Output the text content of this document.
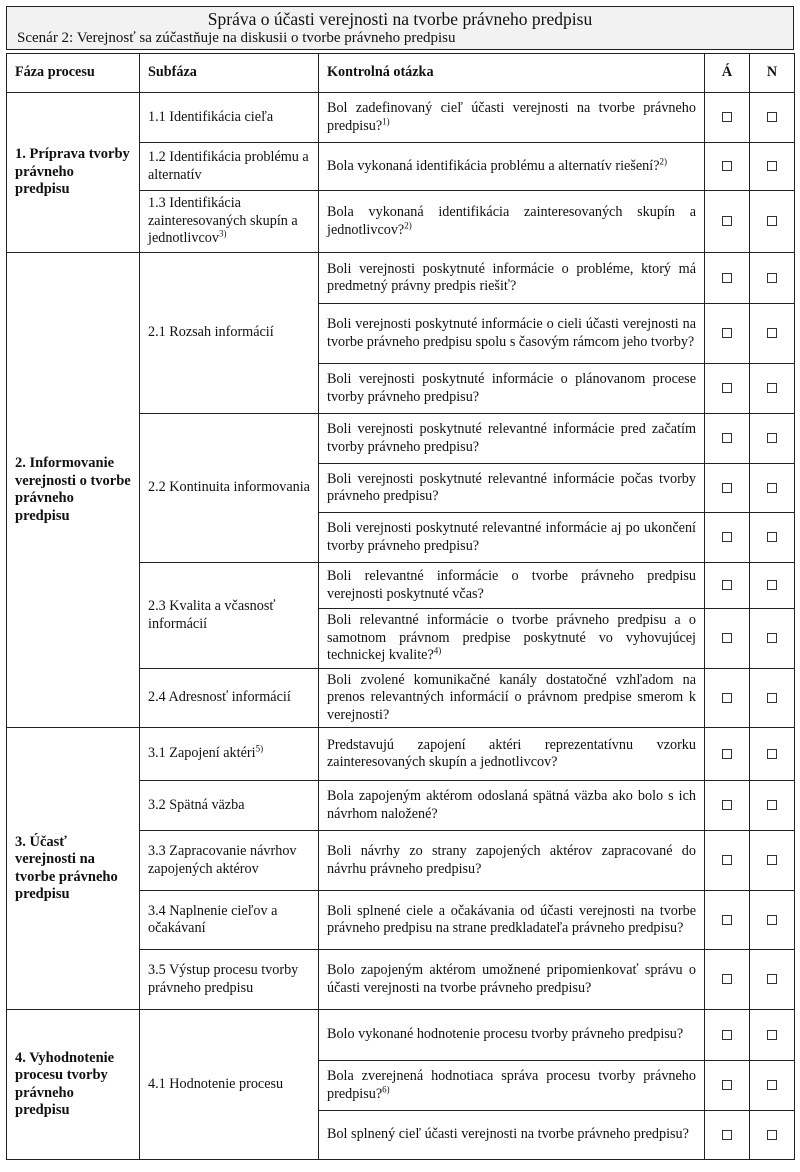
Správa o účasti verejnosti na tvorbe právneho predpisu
Scenár 2: Verejnosť sa zúčastňuje na diskusii o tvorbe právneho predpisu
Fáza procesu	Subfáza	Kontrolná otázka	Á	N
1. Príprava tvorby právneho predpisu	1.1 Identifikácia cieľa	Bol zadefinovaný cieľ účasti verejnosti na tvorbe právneho predpisu?$^{1)}$		
	1.2 Identifikácia problému a alternatív	Bola vykonaná identifikácia problému a alternatív riešení?$^{2)}$		
	1.3 Identifikácia zainteresovaných skupín a jednotlivcov$^{3)}$	Bola vykonaná identifikácia zainteresovaných skupín a jednotlivcov?$^{2)}$		
2. Informovanie verejnosti o tvorbe právneho predpisu	2.1 Rozsah informácií	Boli verejnosti poskytnuté informácie o probléme, ktorý má predmetný právny predpis riešiť?		
		Boli verejnosti poskytnuté informácie o cieli účasti verejnosti na tvorbe právneho predpisu spolu s časovým rámcom jeho tvorby?		
		Boli verejnosti poskytnuté informácie o plánovanom procese tvorby právneho predpisu?		
	2.2 Kontinuita informovania	Boli verejnosti poskytnuté relevantné informácie pred začatím tvorby právneho predpisu?		
		Boli verejnosti poskytnuté relevantné informácie počas tvorby právneho predpisu?		
		Boli verejnosti poskytnuté relevantné informácie aj po ukončení tvorby právneho predpisu?		
	2.3 Kvalita a včasnosť informácií	Boli relevantné informácie o tvorbe právneho predpisu verejnosti poskytnuté včas?		
		Boli relevantné informácie o tvorbe právneho predpisu a o samotnom právnom predpise poskytnuté vo vyhovujúcej technickej kvalite?$^{4)}$		
	2.4 Adresnosť informácií	Boli zvolené komunikačné kanály dostatočné vzhľadom na prenos relevantných informácií o právnom predpise smerom k verejnosti?		
3. Účasť verejnosti na tvorbe právneho predpisu	3.1 Zapojení aktéri$^{5)}$	Predstavujú zapojení aktéri reprezentatívnu vzorku zainteresovaných skupín a jednotlivcov?		
	3.2 Spätná väzba	Bola zapojeným aktérom odoslaná spätná väzba ako bolo s ich návrhom naložené?		
	3.3 Zapracovanie návrhov zapojených aktérov	Boli návrhy zo strany zapojených aktérov zapracované do návrhu právneho predpisu?		
	3.4 Naplnenie cieľov a očakávaní	Boli splnené ciele a očakávania od účasti verejnosti na tvorbe právneho predpisu na strane predkladateľa právneho predpisu?		
	3.5 Výstup procesu tvorby právneho predpisu	Bolo zapojeným aktérom umožnené pripomienkovať správu o účasti verejnosti na tvorbe právneho predpisu?		
4. Vyhodnotenie procesu tvorby právneho predpisu	4.1 Hodnotenie procesu	Bolo vykonané hodnotenie procesu tvorby právneho predpisu?		
		Bola zverejnená hodnotiaca správa procesu tvorby právneho predpisu?$^{6)}$		
		Bol splnený cieľ účasti verejnosti na tvorbe právneho predpisu?		
